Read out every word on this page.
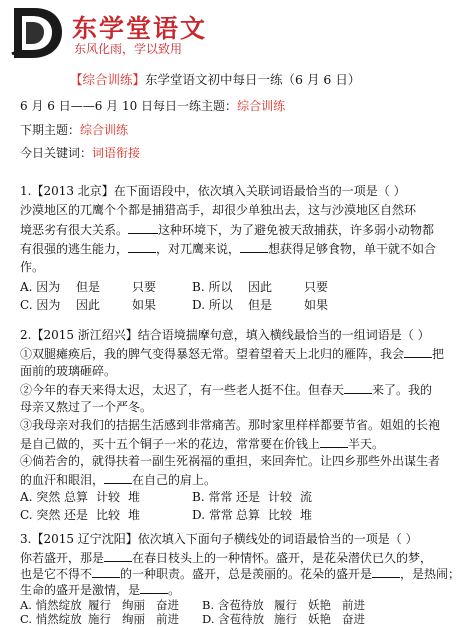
东学堂语文
东风化雨，学以致用
【综合训练】东学堂语文初中每日一练（6 月 6 日）
6 月 6 日——6 月 10 日每日一练主题：综合训练
下期主题：综合训练
今日关键词：词语衔接
1.【2013 北京】在下面语段中，依次填入关联词语最恰当的一项是（ ）
沙漠地区的兀鹰个个都是捕猎高手，却很少单独出去，这与沙漠地区自然环
境恶劣有很大关系。	这种环境下，为了避免被天敌捕获，许多弱小动物都
有很强的逃生能力， ，对兀鹰来说， 想获得足够食物，单干就不如合
作。
A. 因为 但是	只要	B. 所以 因此	只要
C. 因为 因此	如果	D. 所以 但是	如果
2.【2015 浙江绍兴】结合语境揣摩句意，填入横线最恰当的一组词语是（ ）
①双腿瘫痪后，我的脾气变得暴怒无常。望着望着天上北归的雁阵，我会 把
面前的玻璃砸碎。
②今年的春天来得太迟，太迟了，有一些老人挺不住。但春天 来了。我的
母亲又熬过了一个严冬。
③我母亲对我们的拮据生活感到非常痛苦。那时家里样样都要节省。姐姐的长袍
是自己做的，买十五个铜子一米的花边，常常要在价钱上 半天。
④倘若舍的，就得扶着一副生死祸福的重担，来回奔忙。让四乡那些外出谋生者
的血汗和眼泪， 在自己的肩上。
A. 突然 总算 计较 堆	B. 常常 还是 计较 流
C. 突然 还是 比较 堆	D. 常常 总算 比较 堆
3.【2015 辽宁沈阳】依次填入下面句子横线处的词语最恰当的一项是（ ）
你若盛开，那是 在春日枝头上的一种情怀。盛开，是花朵潜伏已久的梦，
也是它不得不 的一种职责。盛开，总是羡丽的。花朵的盛开是 ，是热闹；
生命的盛开是激情，是 。
A. 悄然绽放 履行 绚丽 奋进 B. 含苞待放 履行 妖艳 前进
C. 悄然绽放 施行 绚丽 前进 D. 含苞待放 施行 妖艳 奋进
